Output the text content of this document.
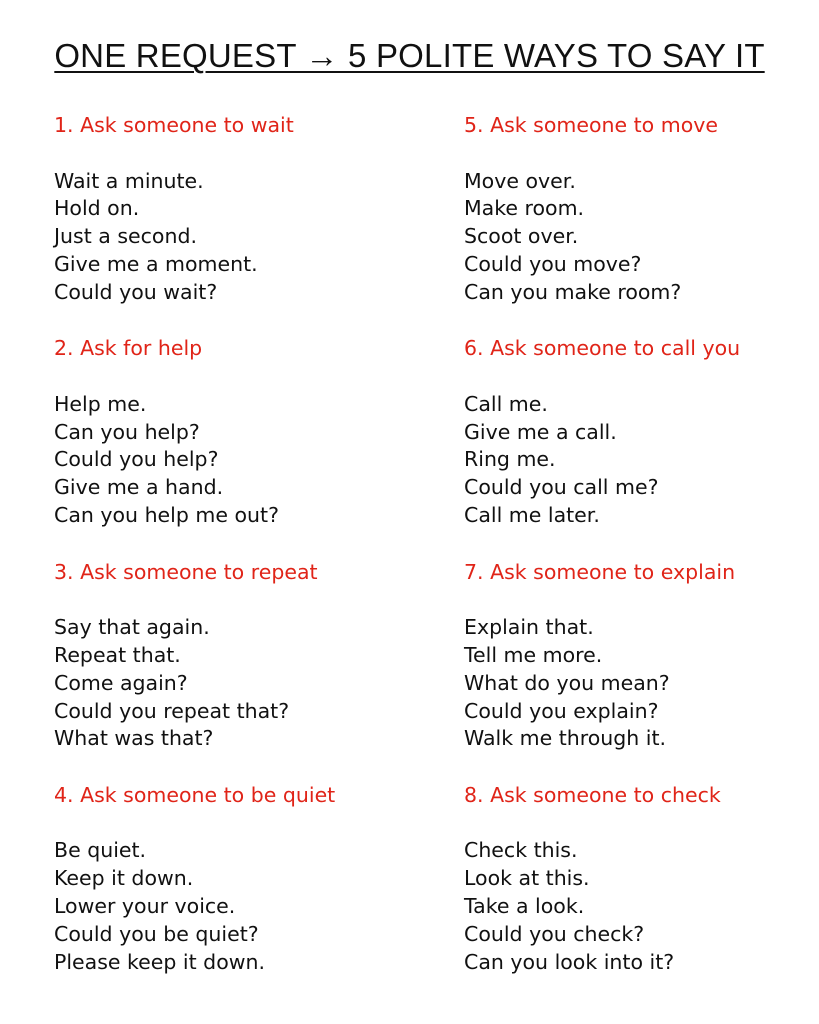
ONE REQUEST → 5 POLITE WAYS TO SAY IT
1. Ask someone to wait
Wait a minute.
Hold on.
Just a second.
Give me a moment.
Could you wait?
2. Ask for help
Help me.
Can you help?
Could you help?
Give me a hand.
Can you help me out?
3. Ask someone to repeat
Say that again.
Repeat that.
Come again?
Could you repeat that?
What was that?
4. Ask someone to be quiet
Be quiet.
Keep it down.
Lower your voice.
Could you be quiet?
Please keep it down.
5. Ask someone to move
Move over.
Make room.
Scoot over.
Could you move?
Can you make room?
6. Ask someone to call you
Call me.
Give me a call.
Ring me.
Could you call me?
Call me later.
7. Ask someone to explain
Explain that.
Tell me more.
What do you mean?
Could you explain?
Walk me through it.
8. Ask someone to check
Check this.
Look at this.
Take a look.
Could you check?
Can you look into it?
